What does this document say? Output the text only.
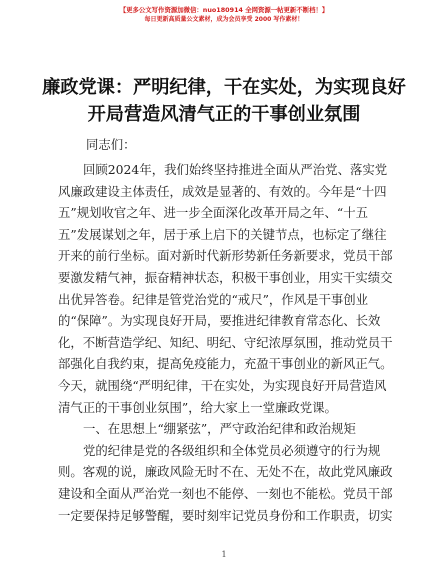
【更多公文写作资源加微信：nuo180914 全网资源一帖更新不断档！】
每日更新高质量公文素材，成为会员享受 2000 写作素材！
廉政党课：严明纪律，干在实处，为实现良好
开局营造风清气正的干事创业氛围
同志们：
回顾2024年，我们始终坚持推进全面从严治党、落实党
风廉政建设主体责任，成效是显著的、有效的。今年是“十四
五”规划收官之年、进一步全面深化改革开局之年、“十五
五”发展谋划之年，居于承上启下的关键节点，也标定了继往
开来的前行坐标。面对新时代新形势新任务新要求，党员干部
要激发精气神，振奋精神状态，积极干事创业，用实干实绩交
出优异答卷。纪律是管党治党的“戒尺”，作风是干事创业
的“保障”。为实现良好开局，要推进纪律教育常态化、长效
化，不断营造学纪、知纪、明纪、守纪浓厚氛围，推动党员干
部强化自我约束，提高免疫能力，充盈干事创业的新风正气。
今天，就围绕“严明纪律，干在实处，为实现良好开局营造风
清气正的干事创业氛围”，给大家上一堂廉政党课。
一、在思想上“绷紧弦”，严守政治纪律和政治规矩
党的纪律是党的各级组织和全体党员必须遵守的行为规
则。客观的说，廉政风险无时不在、无处不在，故此党风廉政
建设和全面从严治党一刻也不能停、一刻也不能松。党员干部
一定要保持足够警醒，要时刻牢记党员身份和工作职责，切实
1
